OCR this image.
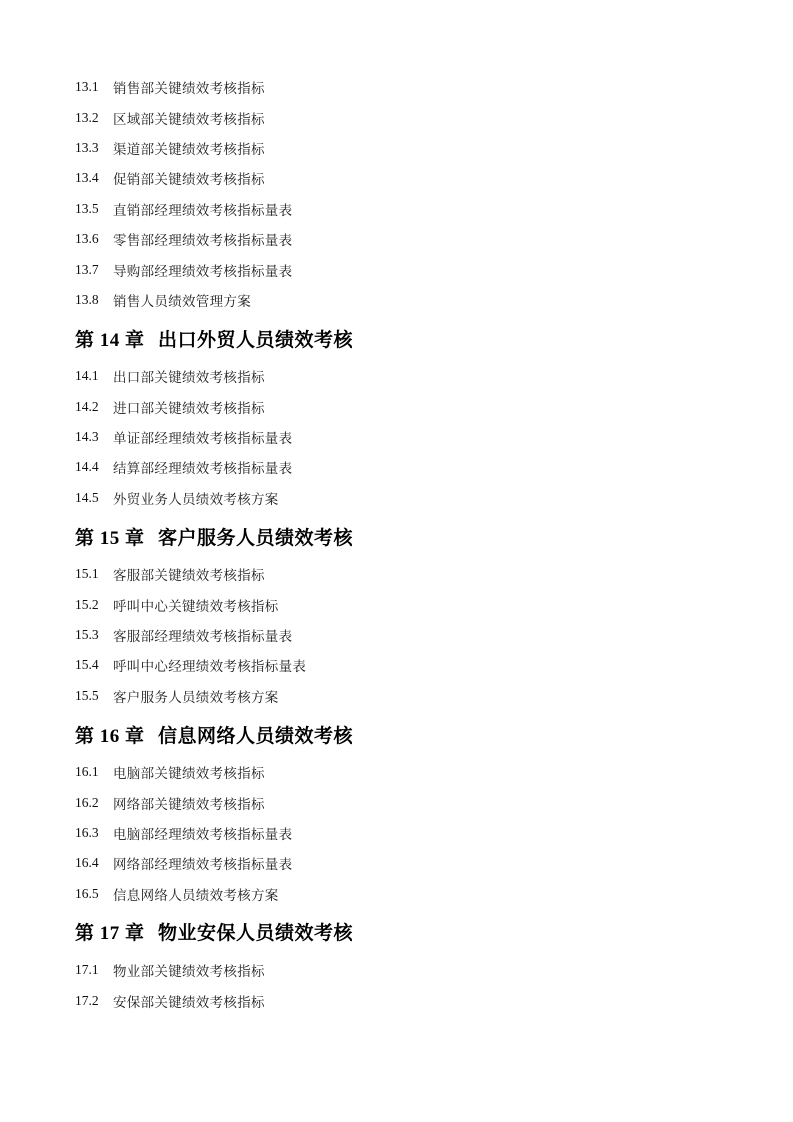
13.1	销售部关键绩效考核指标
13.2	区域部关键绩效考核指标
13.3	渠道部关键绩效考核指标
13.4	促销部关键绩效考核指标
13.5	直销部经理绩效考核指标量表
13.6	零售部经理绩效考核指标量表
13.7	导购部经理绩效考核指标量表
13.8	销售人员绩效管理方案
第 14 章 出口外贸人员绩效考核
14.1	出口部关键绩效考核指标
14.2	进口部关键绩效考核指标
14.3	单证部经理绩效考核指标量表
14.4	结算部经理绩效考核指标量表
14.5	外贸业务人员绩效考核方案
第 15 章 客户服务人员绩效考核
15.1	客服部关键绩效考核指标
15.2	呼叫中心关键绩效考核指标
15.3	客服部经理绩效考核指标量表
15.4	呼叫中心经理绩效考核指标量表
15.5	客户服务人员绩效考核方案
第 16 章 信息网络人员绩效考核
16.1	电脑部关键绩效考核指标
16.2	网络部关键绩效考核指标
16.3	电脑部经理绩效考核指标量表
16.4	网络部经理绩效考核指标量表
16.5	信息网络人员绩效考核方案
第 17 章 物业安保人员绩效考核
17.1	物业部关键绩效考核指标
17.2	安保部关键绩效考核指标
